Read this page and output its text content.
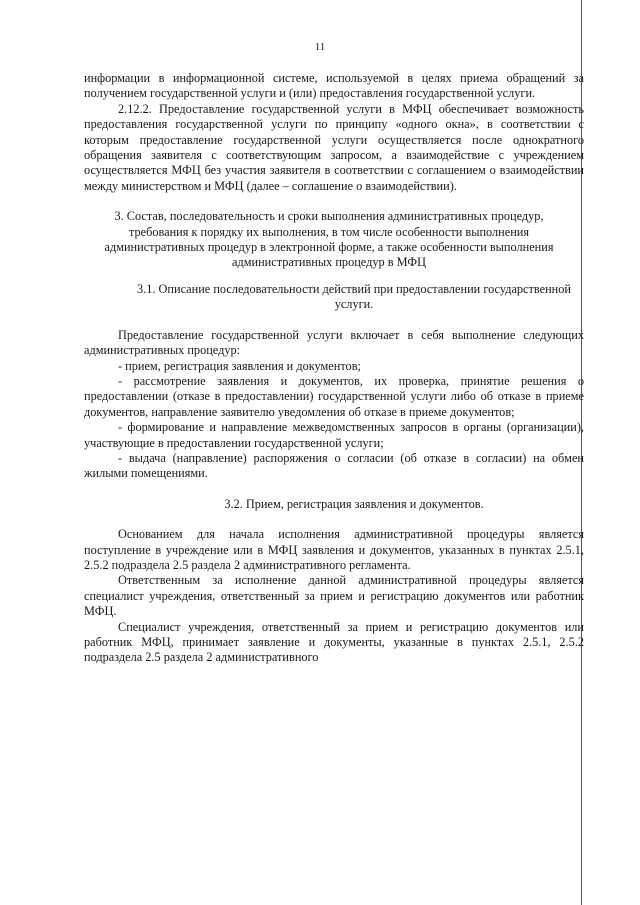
11

информации в информационной системе, используемой в целях приема обращений за получением государственной услуги и (или) предоставления государственной услуги.

2.12.2. Предоставление государственной услуги в МФЦ обеспечивает возможность предоставления государственной услуги по принципу «одного окна», в соответствии с которым предоставление государственной услуги осуществляется после однократного обращения заявителя с соответствующим запросом, а взаимодействие с учреждением осуществляется МФЦ без участия заявителя в соответствии с соглашением о взаимодействии между министерством и МФЦ (далее – соглашение о взаимодействии).

3. Состав, последовательность и сроки выполнения административных процедур, требования к порядку их выполнения, в том числе особенности выполнения административных процедур в электронной форме, а также особенности выполнения административных процедур в МФЦ

3.1. Описание последовательности действий при предоставлении государственной услуги.

Предоставление государственной услуги включает в себя выполнение следующих административных процедур:

- прием, регистрация заявления и документов;

- рассмотрение заявления и документов, их проверка, принятие решения о предоставлении (отказе в предоставлении) государственной услуги либо об отказе в приеме документов, направление заявителю уведомления об отказе в приеме документов;

- формирование и направление межведомственных запросов в органы (организации), участвующие в предоставлении государственной услуги;

- выдача (направление) распоряжения о согласии (об отказе в согласии) на обмен жилыми помещениями.

3.2. Прием, регистрация заявления и документов.

Основанием для начала исполнения административной процедуры является поступление в учреждение или в МФЦ заявления и документов, указанных в пунктах 2.5.1, 2.5.2 подраздела 2.5 раздела 2 административного регламента.

Ответственным за исполнение данной административной процедуры является специалист учреждения, ответственный за прием и регистрацию документов или работник МФЦ.

Специалист учреждения, ответственный за прием и регистрацию документов или работник МФЦ, принимает заявление и документы, указанные в пунктах 2.5.1, 2.5.2 подраздела 2.5 раздела 2 административного
